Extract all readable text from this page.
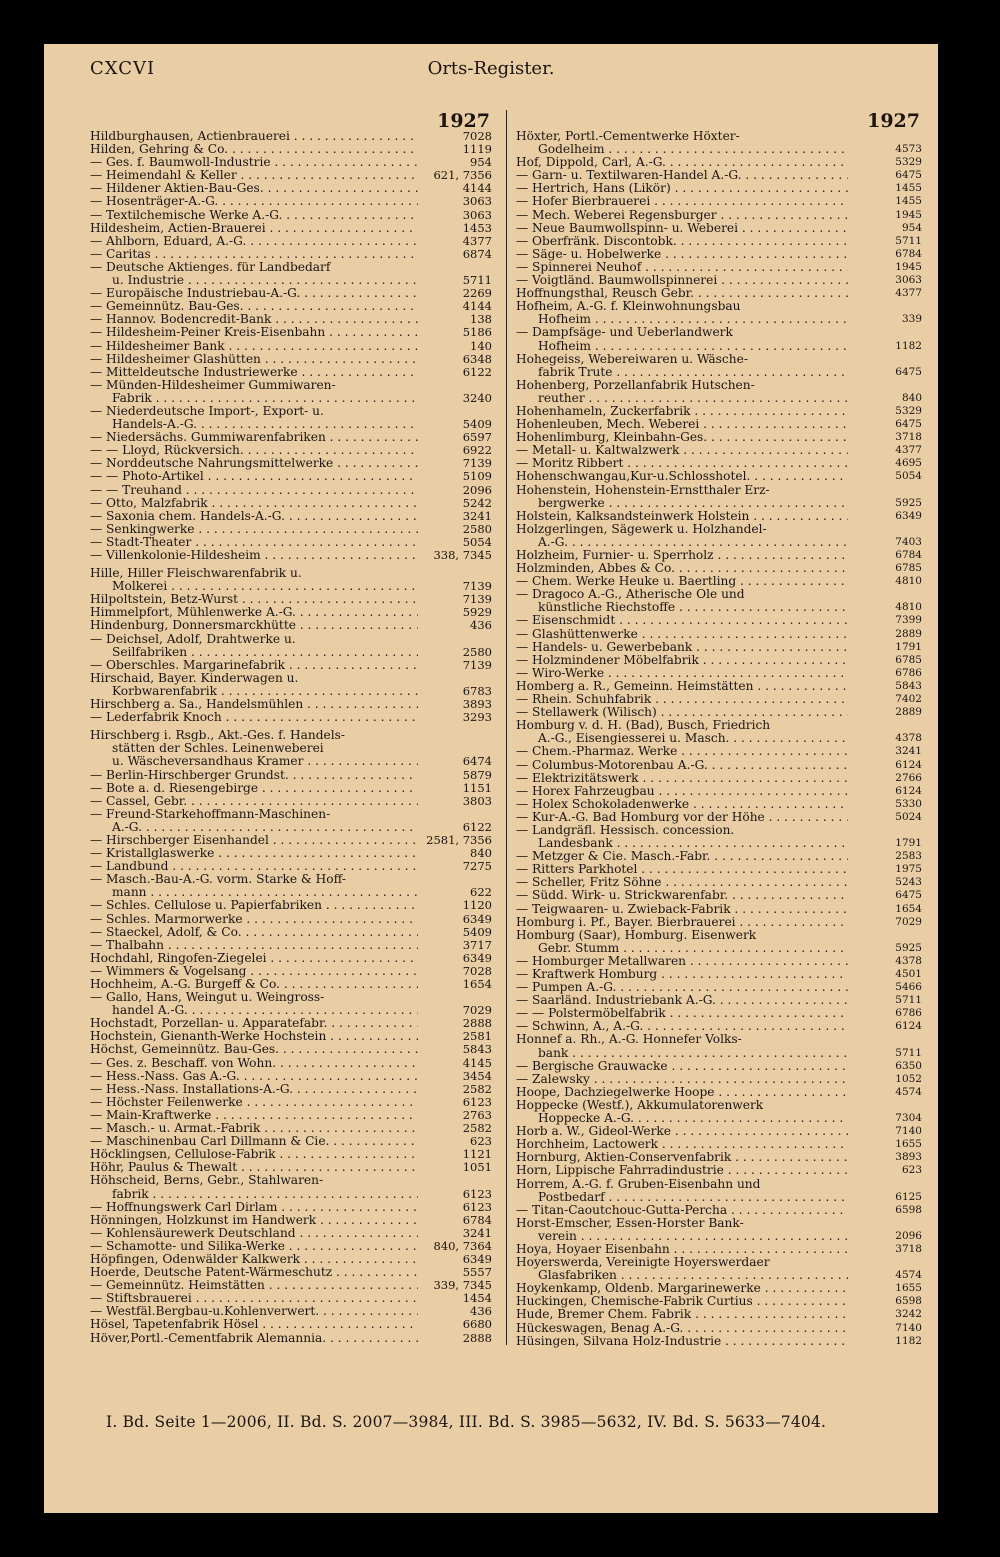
CXCVI	Orts-Register.
1927
Hildburghausen, Actienbrauerei . . .	7028
Hilden, Gehring & Co. . . .	1119
— Ges. f. Baumwoll-Industrie . . .	954
— Heimendahl & Keller . . .	621, 7356
— Hildener Aktien-Bau-Ges. . . .	4144
— Hosenträger-A.-G. . . .	3063
— Textilchemische Werke A.-G. . . .	3063
Hildesheim, Actien-Brauerei . . .	1453
— Ahlborn, Eduard, A.-G. . . .	4377
— Caritas . . .	6874
— Deutsche Aktienges. für Landbedarf
u. Industrie . . .	5711
— Europäische Industriebau-A.-G. . . .	2269
— Gemeinnütz. Bau-Ges. . . .	4144
— Hannov. Bodencredit-Bank . . .	138
— Hildesheim-Peiner Kreis-Eisenbahn . . .	5186
— Hildesheimer Bank . . .	140
— Hildesheimer Glashütten . . .	6348
— Mitteldeutsche Industriewerke . . .	6122
— Münden-Hildesheimer Gummiwaren-
Fabrik . . .	3240
— Niederdeutsche Import-, Export- u.
Handels-A.-G. . . .	5409
— Niedersächs. Gummiwarenfabriken . . .	6597
— — Lloyd, Rückversich. . . .	6922
— Norddeutsche Nahrungsmittelwerke . . .	7139
— — Photo-Artikel . . .	5109
— — Treuhand . . .	2096
— Otto, Malzfabrik . . .	5242
— Saxonia chem. Handels-A.-G. . . .	3241
— Senkingwerke . . .	2580
— Stadt-Theater . . .	5054
— Villenkolonie-Hildesheim . . .	338, 7345
Hille, Hiller Fleischwarenfabrik u.
Molkerei . . .	7139
Hilpoltstein, Betz-Wurst . . .	7139
Himmelpfort, Mühlenwerke A.-G. . . .	5929
Hindenburg, Donnersmarckhütte . . .	436
— Deichsel, Adolf, Drahtwerke u.
Seilfabriken . . .	2580
— Oberschles. Margarinefabrik . . .	7139
Hirschaid, Bayer. Kinderwagen u.
Korbwarenfabrik . . .	6783
Hirschberg a. Sa., Handelsmühlen . . .	3893
— Lederfabrik Knoch . . .	3293
Hirschberg i. Rsgb., Akt.-Ges. f. Handels-
stätten der Schles. Leinenweberei
u. Wäscheversandhaus Kramer . . .	6474
— Berlin-Hirschberger Grundst. . . .	5879
— Bote a. d. Riesengebirge . . .	1151
— Cassel, Gebr. . . .	3803
— Freund-Starkehoffmann-Maschinen-
A.-G. . . .	6122
— Hirschberger Eisenhandel . . .	2581, 7356
— Kristallglaswerke . . .	840
— Landbund . . .	7275
— Masch.-Bau-A.-G. vorm. Starke & Hoff-
mann . . .	622
— Schles. Cellulose u. Papierfabriken . . .	1120
— Schles. Marmorwerke . . .	6349
— Staeckel, Adolf, & Co. . . .	5409
— Thalbahn . . .	3717
Hochdahl, Ringofen-Ziegelei . . .	6349
— Wimmers & Vogelsang . . .	7028
Hochheim, A.-G. Burgeff & Co. . . .	1654
— Gallo, Hans, Weingut u. Weingross-
handel A.-G. . . .	7029
Hochstadt, Porzellan- u. Apparatefabr. . . .	2888
Hochstein, Gienanth-Werke Hochstein . . .	2581
Höchst, Gemeinnütz. Bau-Ges. . . .	5843
— Ges. z. Beschaff. von Wohn. . . .	4145
— Hess.-Nass. Gas A.-G. . . .	3454
— Hess.-Nass. Installations-A.-G. . . .	2582
— Höchster Feilenwerke . . .	6123
— Main-Kraftwerke . . .	2763
— Masch.- u. Armat.-Fabrik . . .	2582
— Maschinenbau Carl Dillmann & Cie. . . .	623
Höcklingsen, Cellulose-Fabrik . . .	1121
Höhr, Paulus & Thewalt . . .	1051
Höhscheid, Berns, Gebr., Stahlwaren-
fabrik . . .	6123
— Hoffnungswerk Carl Dirlam . . .	6123
Hönningen, Holzkunst im Handwerk . . .	6784
— Kohlensäurewerk Deutschland . . .	3241
— Schamotte- und Silika-Werke . . .	840, 7364
Höpfingen, Odenwälder Kalkwerk . . .	6349
Hoerde, Deutsche Patent-Wärmeschutz . . .	5557
— Gemeinnütz. Heimstätten . . .	339, 7345
— Stiftsbrauerei . . .	1454
— Westfäl.Bergbau-u.Kohlenverwert. . . .	436
Hösel, Tapetenfabrik Hösel . . .	6680
Höver,Portl.-Cementfabrik Alemannia. . . .	2888
1927
Höxter, Portl.-Cementwerke Höxter-
Godelheim . . .	4573
Hof, Dippold, Carl, A.-G. . . .	5329
— Garn- u. Textilwaren-Handel A.-G. . . .	6475
— Hertrich, Hans (Likör) . . .	1455
— Hofer Bierbrauerei . . .	1455
— Mech. Weberei Regensburger . . .	1945
— Neue Baumwollspinn- u. Weberei . . .	954
— Oberfränk. Discontobk. . . .	5711
— Säge- u. Hobelwerke . . .	6784
— Spinnerei Neuhof . . .	1945
— Voigtländ. Baumwollspinnerei . . .	3063
Hoffnungsthal, Reusch Gebr. . . .	4377
Hofheim, A.-G. f. Kleinwohnungsbau
Hofheim . . .	339
— Dampfsäge- und Ueberlandwerk
Hofheim . . .	1182
Hohegeiss, Webereiwaren u. Wäsche-
fabrik Trute . . .	6475
Hohenberg, Porzellanfabrik Hutschen-
reuther . . .	840
Hohenhameln, Zuckerfabrik . . .	5329
Hohenleuben, Mech. Weberei . . .	6475
Hohenlimburg, Kleinbahn-Ges. . . .	3718
— Metall- u. Kaltwalzwerk . . .	4377
— Moritz Ribbert . . .	4695
Hohenschwangau,Kur-u.Schlosshotel. . . .	5054
Hohenstein, Hohenstein-Ernstthaler Erz-
bergwerke . . .	5925
Holstein, Kalksandsteinwerk Holstein . . .	6349
Holzgerlingen, Sägewerk u. Holzhandel-
A.-G. . . .	7403
Holzheim, Furnier- u. Sperrholz . . .	6784
Holzminden, Abbes & Co. . . .	6785
— Chem. Werke Heuke u. Baertling . . .	4810
— Dragoco A.-G., Ätherische Öle und
künstliche Riechstoffe . . .	4810
— Eisenschmidt . . .	7399
— Glashüttenwerke . . .	2889
— Handels- u. Gewerbebank . . .	1791
— Holzmindener Möbelfabrik . . .	6785
— Wiro-Werke . . .	6786
Homberg a. R., Gemeinn. Heimstätten . . .	5843
— Rhein. Schuhfabrik . . .	7402
— Stellawerk (Wilisch) . . .	2889
Homburg v. d. H. (Bad), Busch, Friedrich
A.-G., Eisengiesserei u. Masch. . . .	4378
— Chem.-Pharmaz. Werke . . .	3241
— Columbus-Motorenbau A.-G. . . .	6124
— Elektrizitätswerk . . .	2766
— Horex Fahrzeugbau . . .	6124
— Holex Schokoladenwerke . . .	5330
— Kur-A.-G. Bad Homburg vor der Höhe . . .	5024
— Landgräfl. Hessisch. concession.
Landesbank . . .	1791
— Metzger & Cie. Masch.-Fabr. . . .	2583
— Ritters Parkhotel . . .	1975
— Scheller, Fritz Söhne . . .	5243
— Südd. Wirk- u. Strickwarenfabr. . . .	6475
— Teigwaaren- u. Zwieback-Fabrik . . .	1654
Homburg i. Pf., Bayer. Bierbrauerei . . .	7029
Homburg (Saar), Homburg. Eisenwerk
Gebr. Stumm . . .	5925
— Homburger Metallwaren . . .	4378
— Kraftwerk Homburg . . .	4501
— Pumpen A.-G. . . .	5466
— Saarländ. Industriebank A.-G. . . .	5711
— — Polstermöbelfabrik . . .	6786
— Schwinn, A., A.-G. . . .	6124
Honnef a. Rh., A.-G. Honnefer Volks-
bank . . .	5711
— Bergische Grauwacke . . .	6350
— Zalewsky . . .	1052
Hoope, Dachziegelwerke Hoope . . .	4574
Hoppecke (Westf.), Akkumulatorenwerk
Hoppecke A.-G. . . .	7304
Horb a. W., Gideol-Werke . . .	7140
Horchheim, Lactowerk . . .	1655
Hornburg, Aktien-Conservenfabrik . . .	3893
Horn, Lippische Fahrradindustrie . . .	623
Horrem, A.-G. f. Gruben-Eisenbahn und
Postbedarf . . .	6125
— Titan-Caoutchouc-Gutta-Percha . . .	6598
Horst-Emscher, Essen-Horster Bank-
verein . . .	2096
Hoya, Hoyaer Eisenbahn . . .	3718
Hoyerswerda, Vereinigte Hoyerswerdaer
Glasfabriken . . .	4574
Hoykenkamp, Oldenb. Margarinewerke . . .	1655
Huckingen, Chemische-Fabrik Curtius . . .	6598
Hude, Bremer Chem. Fabrik . . .	3242
Hückeswagen, Benag A.-G. . . .	7140
Hüsingen, Silvana Holz-Industrie . . .	1182
I. Bd. Seite 1—2006, II. Bd. S. 2007—3984, III. Bd. S. 3985—5632, IV. Bd. S. 5633—7404.
